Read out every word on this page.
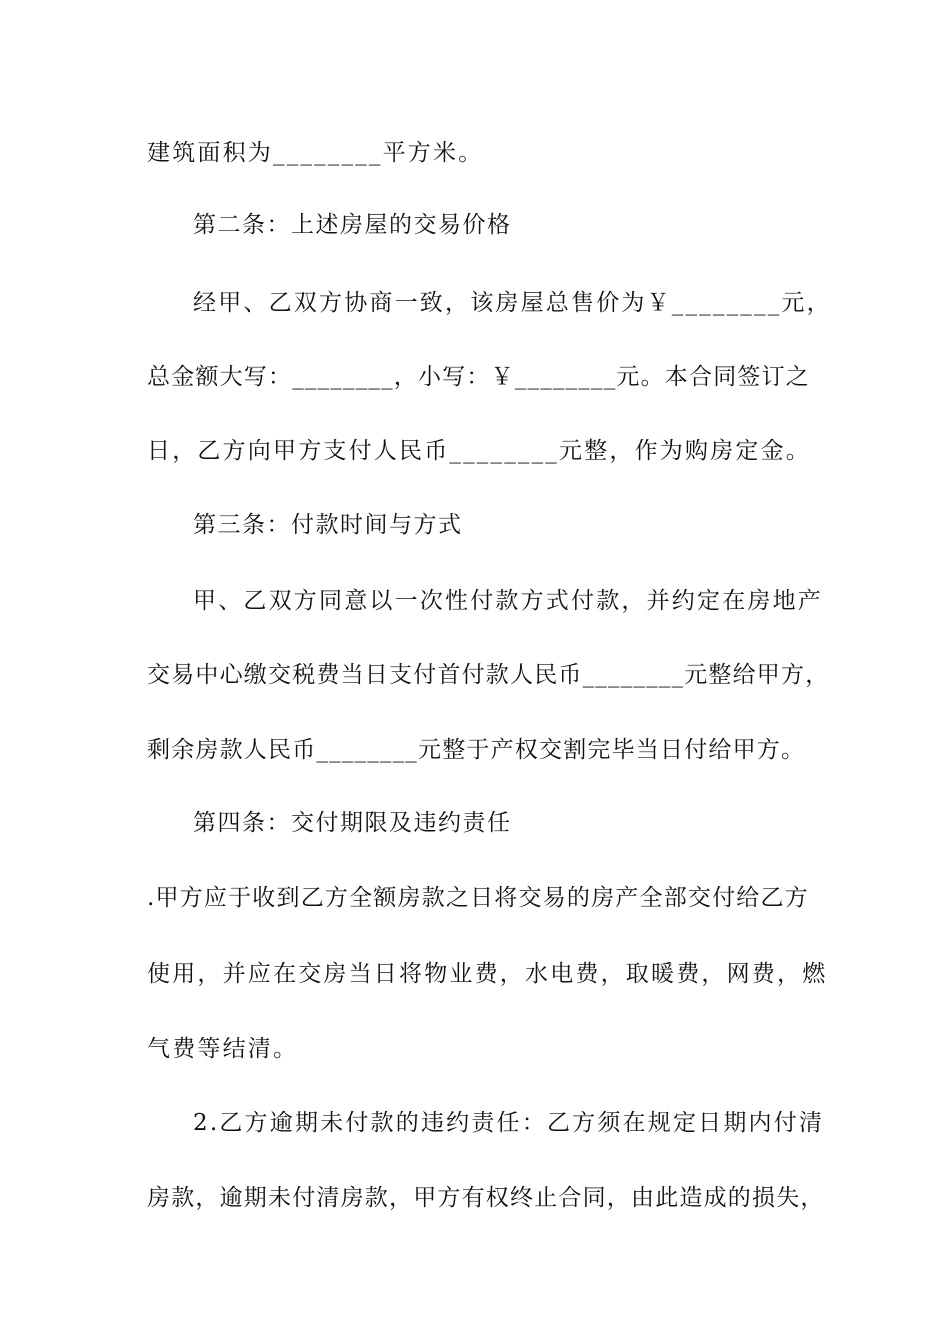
建筑面积为________平方米。
第二条：上述房屋的交易价格
经甲、乙双方协商一致，该房屋总售价为￥________元，
总金额大写：________，小写：￥________元。本合同签订之
日，乙方向甲方支付人民币________元整，作为购房定金。
第三条：付款时间与方式
甲、乙双方同意以一次性付款方式付款，并约定在房地产
交易中心缴交税费当日支付首付款人民币________元整给甲方，
剩余房款人民币________元整于产权交割完毕当日付给甲方。
第四条：交付期限及违约责任
.甲方应于收到乙方全额房款之日将交易的房产全部交付给乙方
使用，并应在交房当日将物业费，水电费，取暖费，网费，燃
气费等结清。
2.乙方逾期未付款的违约责任：乙方须在规定日期内付清
房款，逾期未付清房款，甲方有权终止合同，由此造成的损失，
